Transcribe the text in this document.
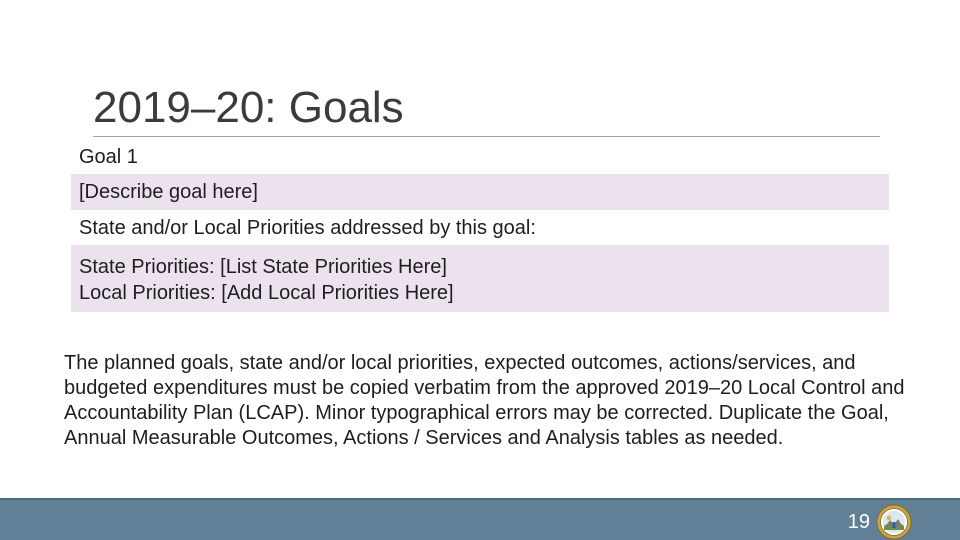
2019–20: Goals
Goal 1
[Describe goal here]
State and/or Local Priorities addressed by this goal:
State Priorities: [List State Priorities Here]
Local Priorities: [Add Local Priorities Here]
The planned goals, state and/or local priorities, expected outcomes, actions/services, and budgeted expenditures must be copied verbatim from the approved 2019–20 Local Control and Accountability Plan (LCAP). Minor typographical errors may be corrected. Duplicate the Goal, Annual Measurable Outcomes, Actions / Services and Analysis tables as needed.
19
